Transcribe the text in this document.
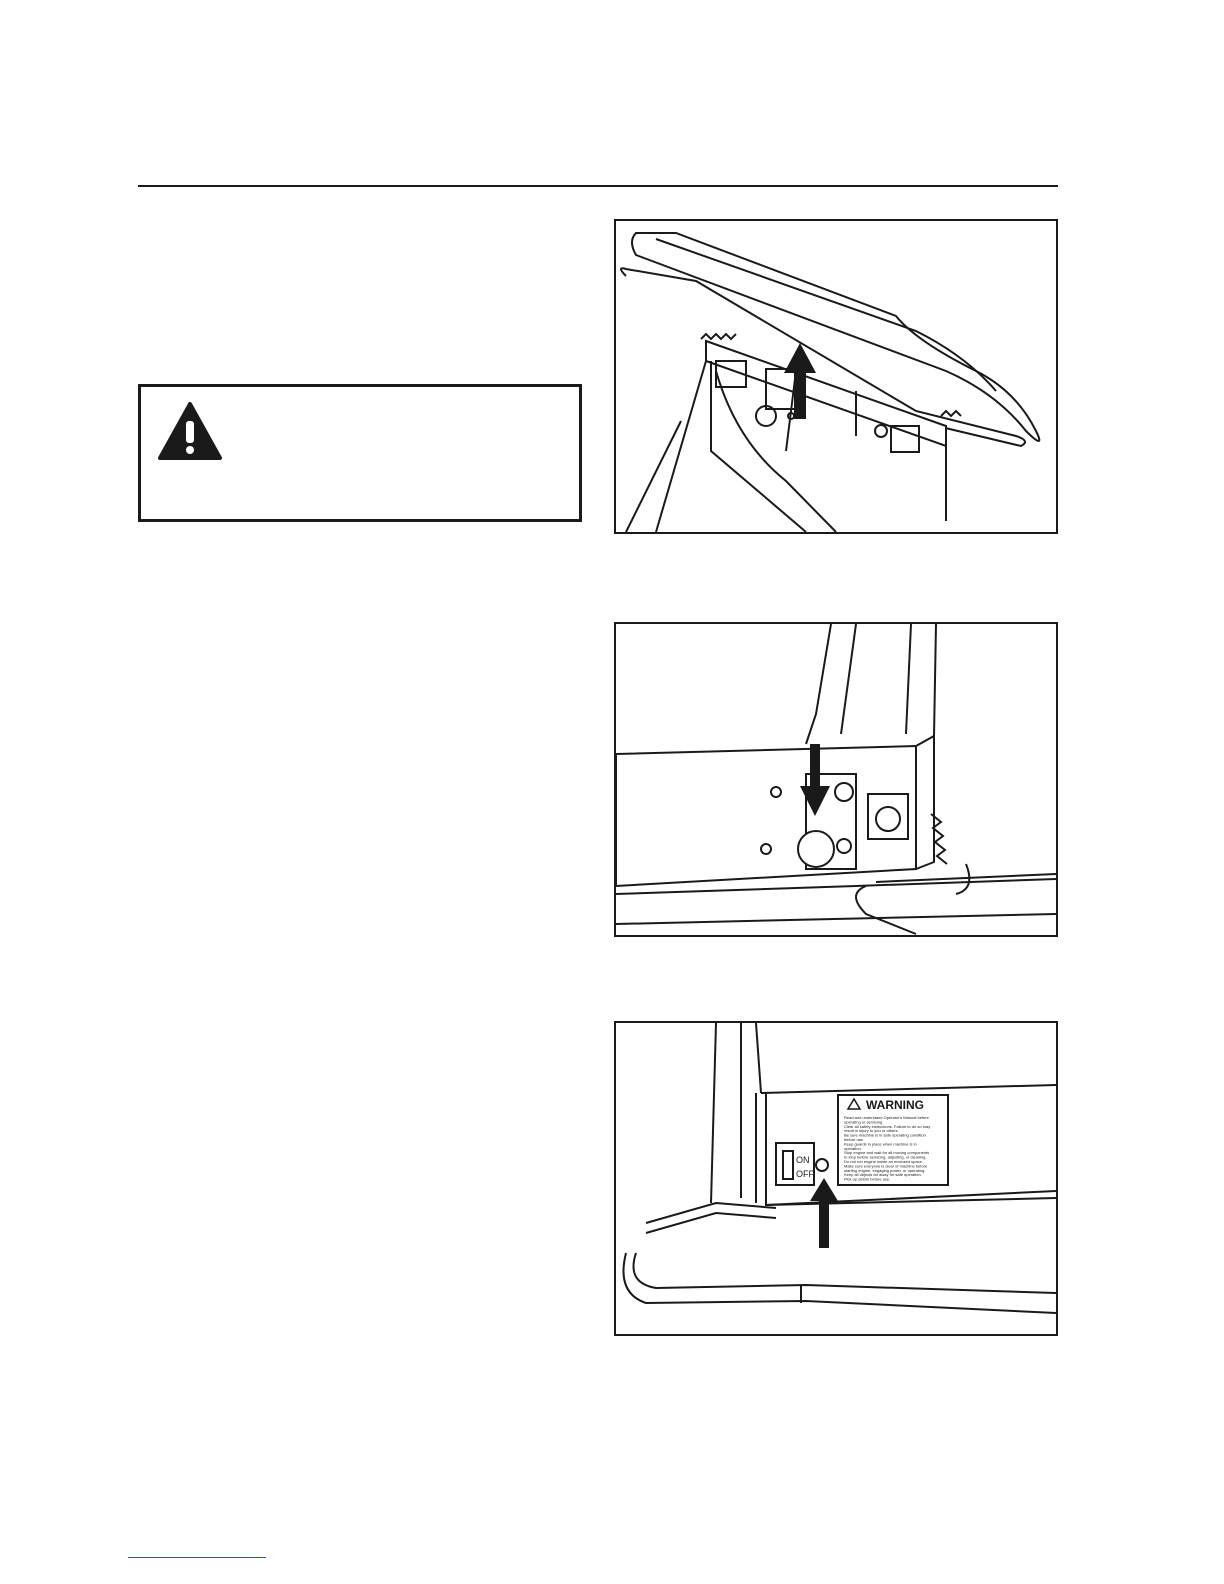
ON
OFF
WARNING
Read and understand Operator's Manual before
operating or servicing.
Clear all safety instructions. Failure to do so may
result in injury to you or others.
Be sure machine is in safe operating condition
before use.
Keep guards in place when machine is in
operation.
Stop engine and wait for all moving components
to stop before servicing, adjusting, or cleaning.
Do not run engine inside an enclosed space.
Make sure everyone is clear of machine before
starting engine, engaging power, or operating.
Keep all objects far away for safe operation.
Pick up debris before use.
